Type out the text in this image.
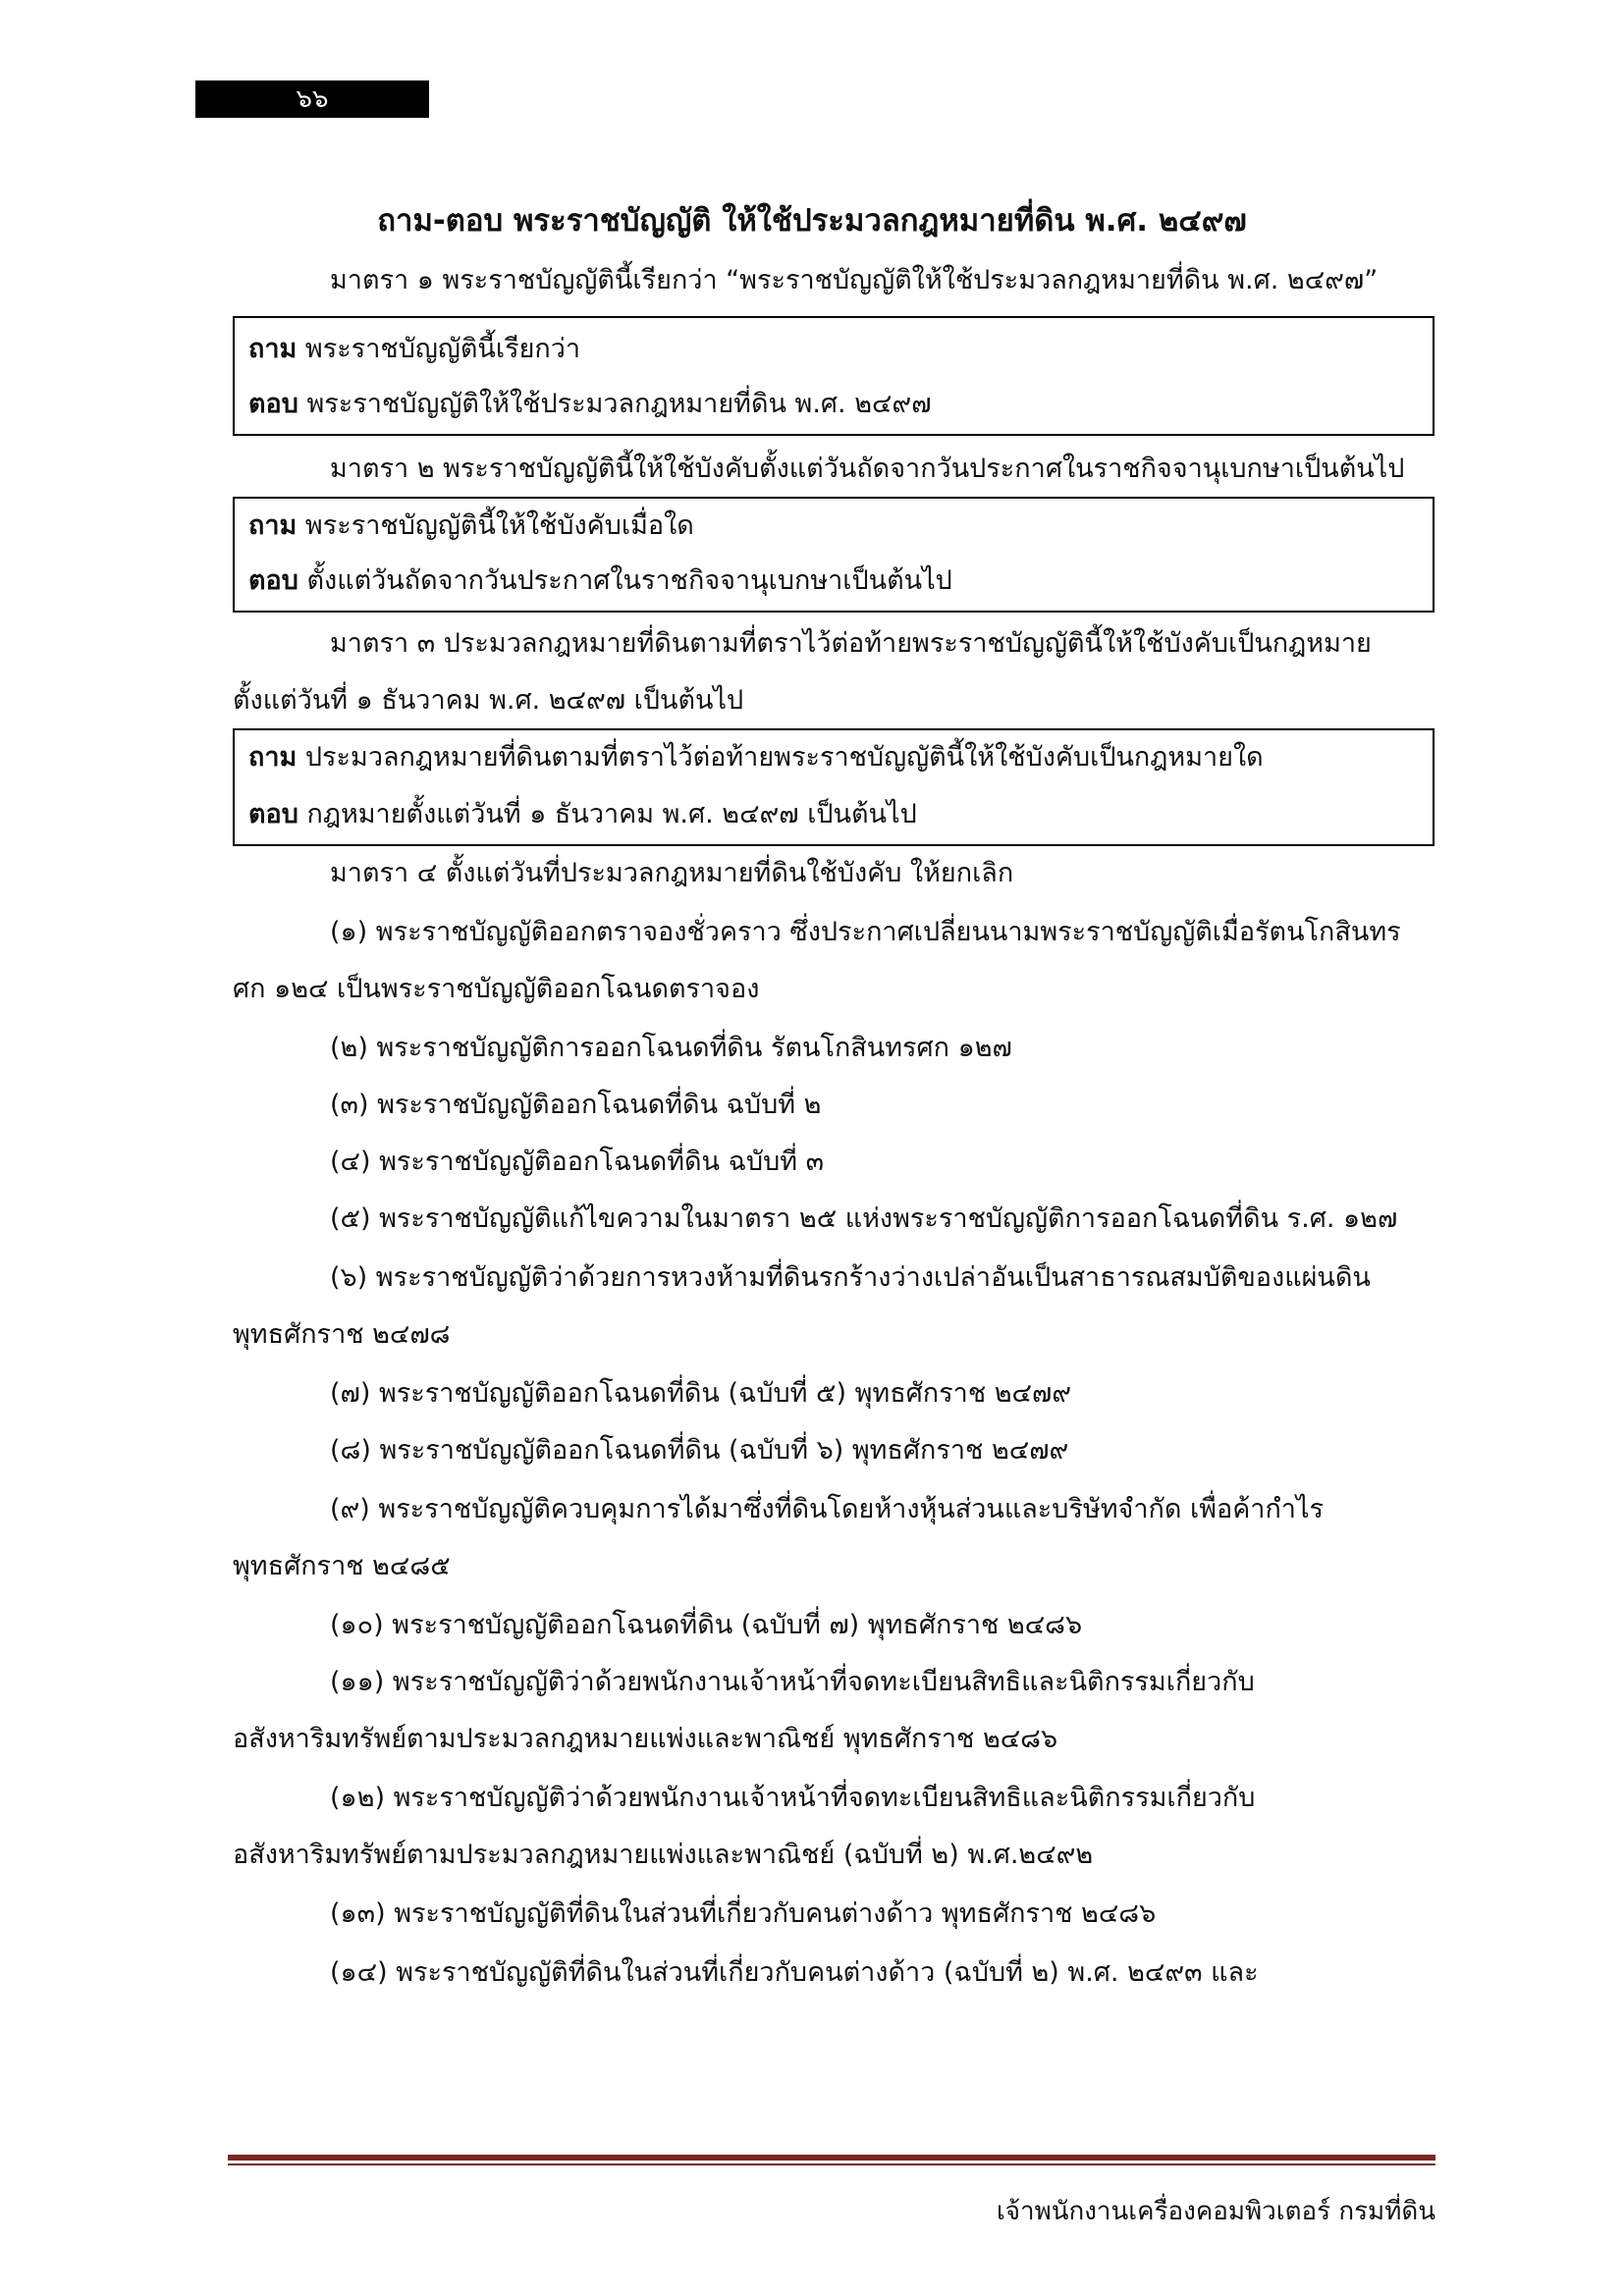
๖๖
ถาม-ตอบ พระราชบัญญัติ ให้ใช้ประมวลกฎหมายที่ดิน พ.ศ. ๒๔๙๗
มาตรา ๑ พระราชบัญญัตินี้เรียกว่า “พระราชบัญญัติให้ใช้ประมวลกฎหมายที่ดิน พ.ศ. ๒๔๙๗”
ถาม พระราชบัญญัตินี้เรียกว่า
ตอบ พระราชบัญญัติให้ใช้ประมวลกฎหมายที่ดิน พ.ศ. ๒๔๙๗
มาตรา ๒ พระราชบัญญัตินี้ให้ใช้บังคับตั้งแต่วันถัดจากวันประกาศในราชกิจจานุเบกษาเป็นต้นไป
ถาม พระราชบัญญัตินี้ให้ใช้บังคับเมื่อใด
ตอบ ตั้งแต่วันถัดจากวันประกาศในราชกิจจานุเบกษาเป็นต้นไป
มาตรา ๓ ประมวลกฎหมายที่ดินตามที่ตราไว้ต่อท้ายพระราชบัญญัตินี้ให้ใช้บังคับเป็นกฎหมาย
ตั้งแต่วันที่ ๑ ธันวาคม พ.ศ. ๒๔๙๗ เป็นต้นไป
ถาม ประมวลกฎหมายที่ดินตามที่ตราไว้ต่อท้ายพระราชบัญญัตินี้ให้ใช้บังคับเป็นกฎหมายใด
ตอบ กฎหมายตั้งแต่วันที่ ๑ ธันวาคม พ.ศ. ๒๔๙๗ เป็นต้นไป
มาตรา ๔ ตั้งแต่วันที่ประมวลกฎหมายที่ดินใช้บังคับ ให้ยกเลิก
(๑) พระราชบัญญัติออกตราจองชั่วคราว ซึ่งประกาศเปลี่ยนนามพระราชบัญญัติเมื่อรัตนโกสินทร
ศก ๑๒๔ เป็นพระราชบัญญัติออกโฉนดตราจอง
(๒) พระราชบัญญัติการออกโฉนดที่ดิน รัตนโกสินทรศก ๑๒๗
(๓) พระราชบัญญัติออกโฉนดที่ดิน ฉบับที่ ๒
(๔) พระราชบัญญัติออกโฉนดที่ดิน ฉบับที่ ๓
(๕) พระราชบัญญัติแก้ไขความในมาตรา ๒๕ แห่งพระราชบัญญัติการออกโฉนดที่ดิน ร.ศ. ๑๒๗
(๖) พระราชบัญญัติว่าด้วยการหวงห้ามที่ดินรกร้างว่างเปล่าอันเป็นสาธารณสมบัติของแผ่นดิน
พุทธศักราช ๒๔๗๘
(๗) พระราชบัญญัติออกโฉนดที่ดิน (ฉบับที่ ๕) พุทธศักราช ๒๔๗๙
(๘) พระราชบัญญัติออกโฉนดที่ดิน (ฉบับที่ ๖) พุทธศักราช ๒๔๗๙
(๙) พระราชบัญญัติควบคุมการได้มาซึ่งที่ดินโดยห้างหุ้นส่วนและบริษัทจำกัด เพื่อค้ากำไร
พุทธศักราช ๒๔๘๕
(๑๐) พระราชบัญญัติออกโฉนดที่ดิน (ฉบับที่ ๗) พุทธศักราช ๒๔๘๖
(๑๑) พระราชบัญญัติว่าด้วยพนักงานเจ้าหน้าที่จดทะเบียนสิทธิและนิติกรรมเกี่ยวกับ
อสังหาริมทรัพย์ตามประมวลกฎหมายแพ่งและพาณิชย์ พุทธศักราช ๒๔๘๖
(๑๒) พระราชบัญญัติว่าด้วยพนักงานเจ้าหน้าที่จดทะเบียนสิทธิและนิติกรรมเกี่ยวกับ
อสังหาริมทรัพย์ตามประมวลกฎหมายแพ่งและพาณิชย์ (ฉบับที่ ๒) พ.ศ.๒๔๙๒
(๑๓) พระราชบัญญัติที่ดินในส่วนที่เกี่ยวกับคนต่างด้าว พุทธศักราช ๒๔๘๖
(๑๔) พระราชบัญญัติที่ดินในส่วนที่เกี่ยวกับคนต่างด้าว (ฉบับที่ ๒) พ.ศ. ๒๔๙๓ และ
เจ้าพนักงานเครื่องคอมพิวเตอร์ กรมที่ดิน
